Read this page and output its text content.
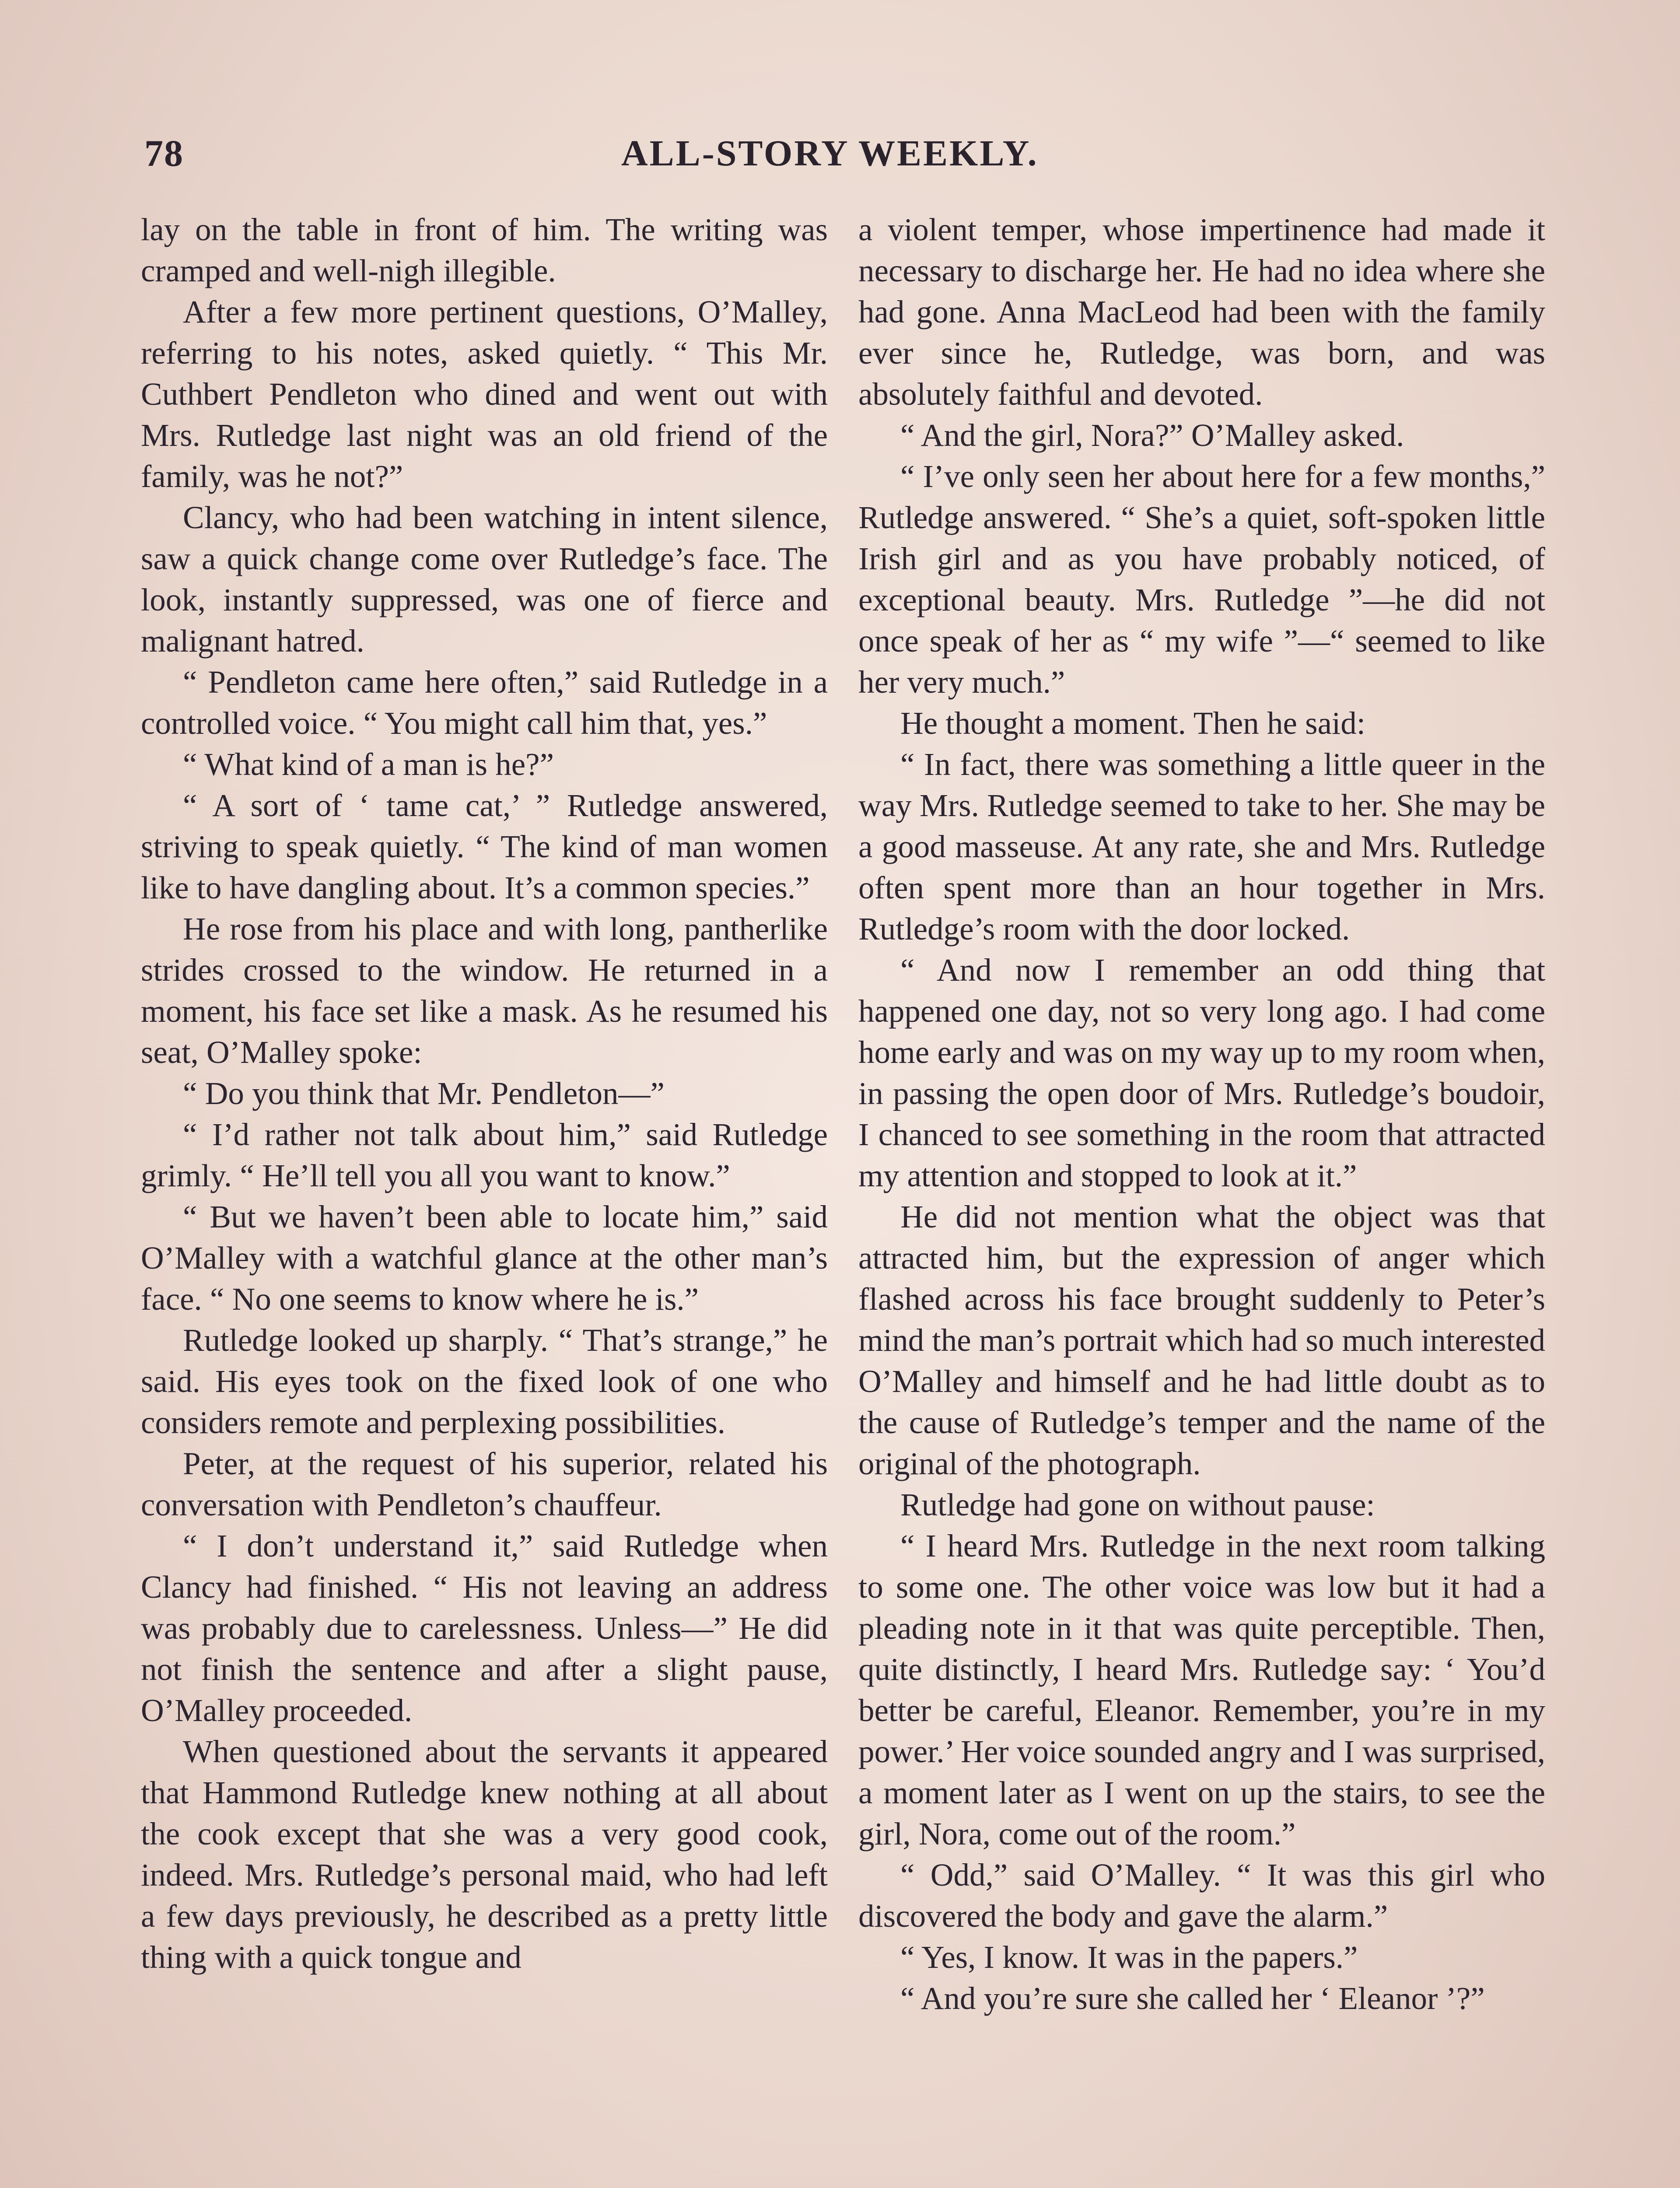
78	ALL-STORY WEEKLY.

lay on the table in front of him. The writing was cramped and well-nigh illegible.

After a few more pertinent questions, O’Malley, referring to his notes, asked quietly. “ This Mr. Cuthbert Pendleton who dined and went out with Mrs. Rutledge last night was an old friend of the family, was he not?”

Clancy, who had been watching in intent silence, saw a quick change come over Rutledge’s face. The look, instantly suppressed, was one of fierce and malignant hatred.

“ Pendleton came here often,” said Rutledge in a controlled voice. “ You might call him that, yes.”

“ What kind of a man is he?”

“ A sort of ‘ tame cat,’ ” Rutledge answered, striving to speak quietly. “ The kind of man women like to have dangling about. It’s a common species.”

He rose from his place and with long, pantherlike strides crossed to the window. He returned in a moment, his face set like a mask. As he resumed his seat, O’Malley spoke:

“ Do you think that Mr. Pendleton—”

“ I’d rather not talk about him,” said Rutledge grimly. “ He’ll tell you all you want to know.”

“ But we haven’t been able to locate him,” said O’Malley with a watchful glance at the other man’s face. “ No one seems to know where he is.”

Rutledge looked up sharply. “ That’s strange,” he said. His eyes took on the fixed look of one who considers remote and perplexing possibilities.

Peter, at the request of his superior, related his conversation with Pendleton’s chauffeur.

“ I don’t understand it,” said Rutledge when Clancy had finished. “ His not leaving an address was probably due to carelessness. Unless—” He did not finish the sentence and after a slight pause, O’Malley proceeded.

When questioned about the servants it appeared that Hammond Rutledge knew nothing at all about the cook except that she was a very good cook, indeed. Mrs. Rutledge’s personal maid, who had left a few days previously, he described as a pretty little thing with a quick tongue and

a violent temper, whose impertinence had made it necessary to discharge her. He had no idea where she had gone. Anna MacLeod had been with the family ever since he, Rutledge, was born, and was absolutely faithful and devoted.

“ And the girl, Nora?” O’Malley asked.

“ I’ve only seen her about here for a few months,” Rutledge answered. “ She’s a quiet, soft-spoken little Irish girl and as you have probably noticed, of exceptional beauty. Mrs. Rutledge ”—he did not once speak of her as “ my wife ”—“ seemed to like her very much.”

He thought a moment. Then he said:

“ In fact, there was something a little queer in the way Mrs. Rutledge seemed to take to her. She may be a good masseuse. At any rate, she and Mrs. Rutledge often spent more than an hour together in Mrs. Rutledge’s room with the door locked.

“ And now I remember an odd thing that happened one day, not so very long ago. I had come home early and was on my way up to my room when, in passing the open door of Mrs. Rutledge’s boudoir, I chanced to see something in the room that attracted my attention and stopped to look at it.”

He did not mention what the object was that attracted him, but the expression of anger which flashed across his face brought suddenly to Peter’s mind the man’s portrait which had so much interested O’Malley and himself and he had little doubt as to the cause of Rutledge’s temper and the name of the original of the photograph.

Rutledge had gone on without pause:

“ I heard Mrs. Rutledge in the next room talking to some one. The other voice was low but it had a pleading note in it that was quite perceptible. Then, quite distinctly, I heard Mrs. Rutledge say: ‘ You’d better be careful, Eleanor. Remember, you’re in my power.’ Her voice sounded angry and I was surprised, a moment later as I went on up the stairs, to see the girl, Nora, come out of the room.”

“ Odd,” said O’Malley. “ It was this girl who discovered the body and gave the alarm.”

“ Yes, I know. It was in the papers.”

“ And you’re sure she called her ‘ Eleanor ’?”
